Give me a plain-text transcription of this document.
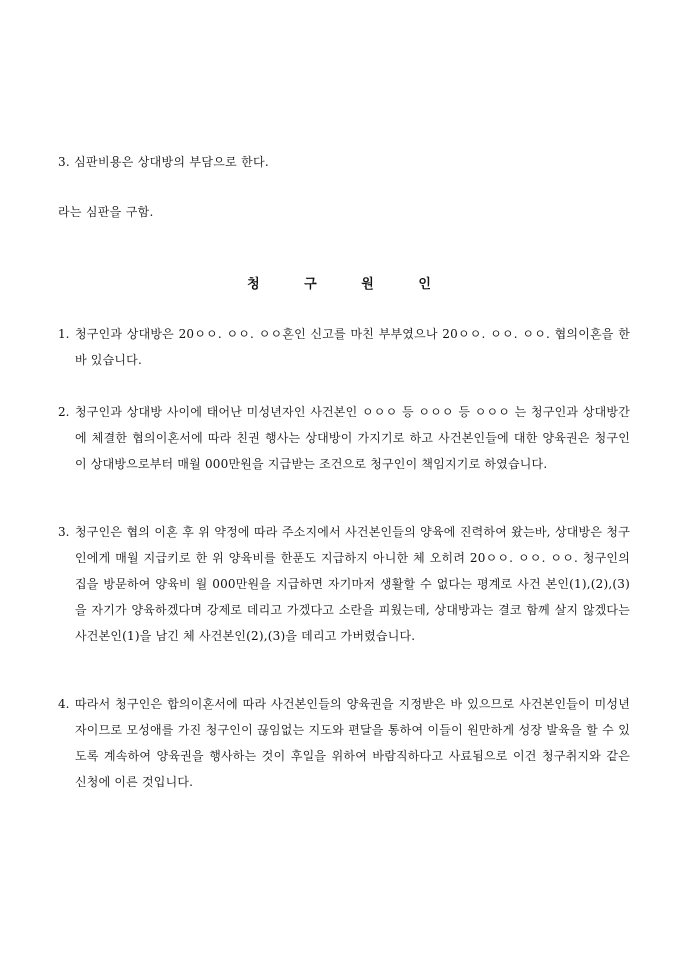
3. 심판비용은 상대방의 부담으로 한다.
라는 심판을 구함.
청 구 원 인
1. 청구인과 상대방은 20ㅇㅇ. ㅇㅇ. ㅇㅇ혼인 신고를 마친 부부였으나 20ㅇㅇ. ㅇㅇ. ㅇㅇ. 협의이혼을 한바 있습니다.
2. 청구인과 상대방 사이에 태어난 미성년자인 사건본인 ㅇㅇㅇ 등 ㅇㅇㅇ 등 ㅇㅇㅇ 는 청구인과 상대방간에 체결한 협의이혼서에 따라 친권 행사는 상대방이 가지기로 하고 사건본인들에 대한 양육권은 청구인이 상대방으로부터 매월 000만원을 지급받는 조건으로 청구인이 책임지기로 하였습니다.
3. 청구인은 협의 이혼 후 위 약정에 따라 주소지에서 사건본인들의 양육에 진력하여 왔는바, 상대방은 청구인에게 매월 지급키로 한 위 양육비를 한푼도 지급하지 아니한 체 오히려 20ㅇㅇ. ㅇㅇ. ㅇㅇ. 청구인의 집을 방문하여 양육비 월 000만원을 지급하면 자기마저 생활할 수 없다는 평계로 사건 본인(1),(2),(3)을 자기가 양육하겠다며 강제로 데리고 가겠다고 소란을 피웠는데, 상대방과는 결코 함께 살지 않겠다는 사건본인(1)을 남긴 체 사건본인(2),(3)을 데리고 가버렸습니다.
4. 따라서 청구인은 합의이혼서에 따라 사건본인들의 양육권을 지정받은 바 있으므로 사건본인들이 미성년자이므로 모성애를 가진 청구인이 끊임없는 지도와 편달을 통하여 이들이 원만하게 성장 발육을 할 수 있도록 계속하여 양육권을 행사하는 것이 후일을 위하여 바람직하다고 사료됨으로 이건 청구취지와 같은 신청에 이른 것입니다.
